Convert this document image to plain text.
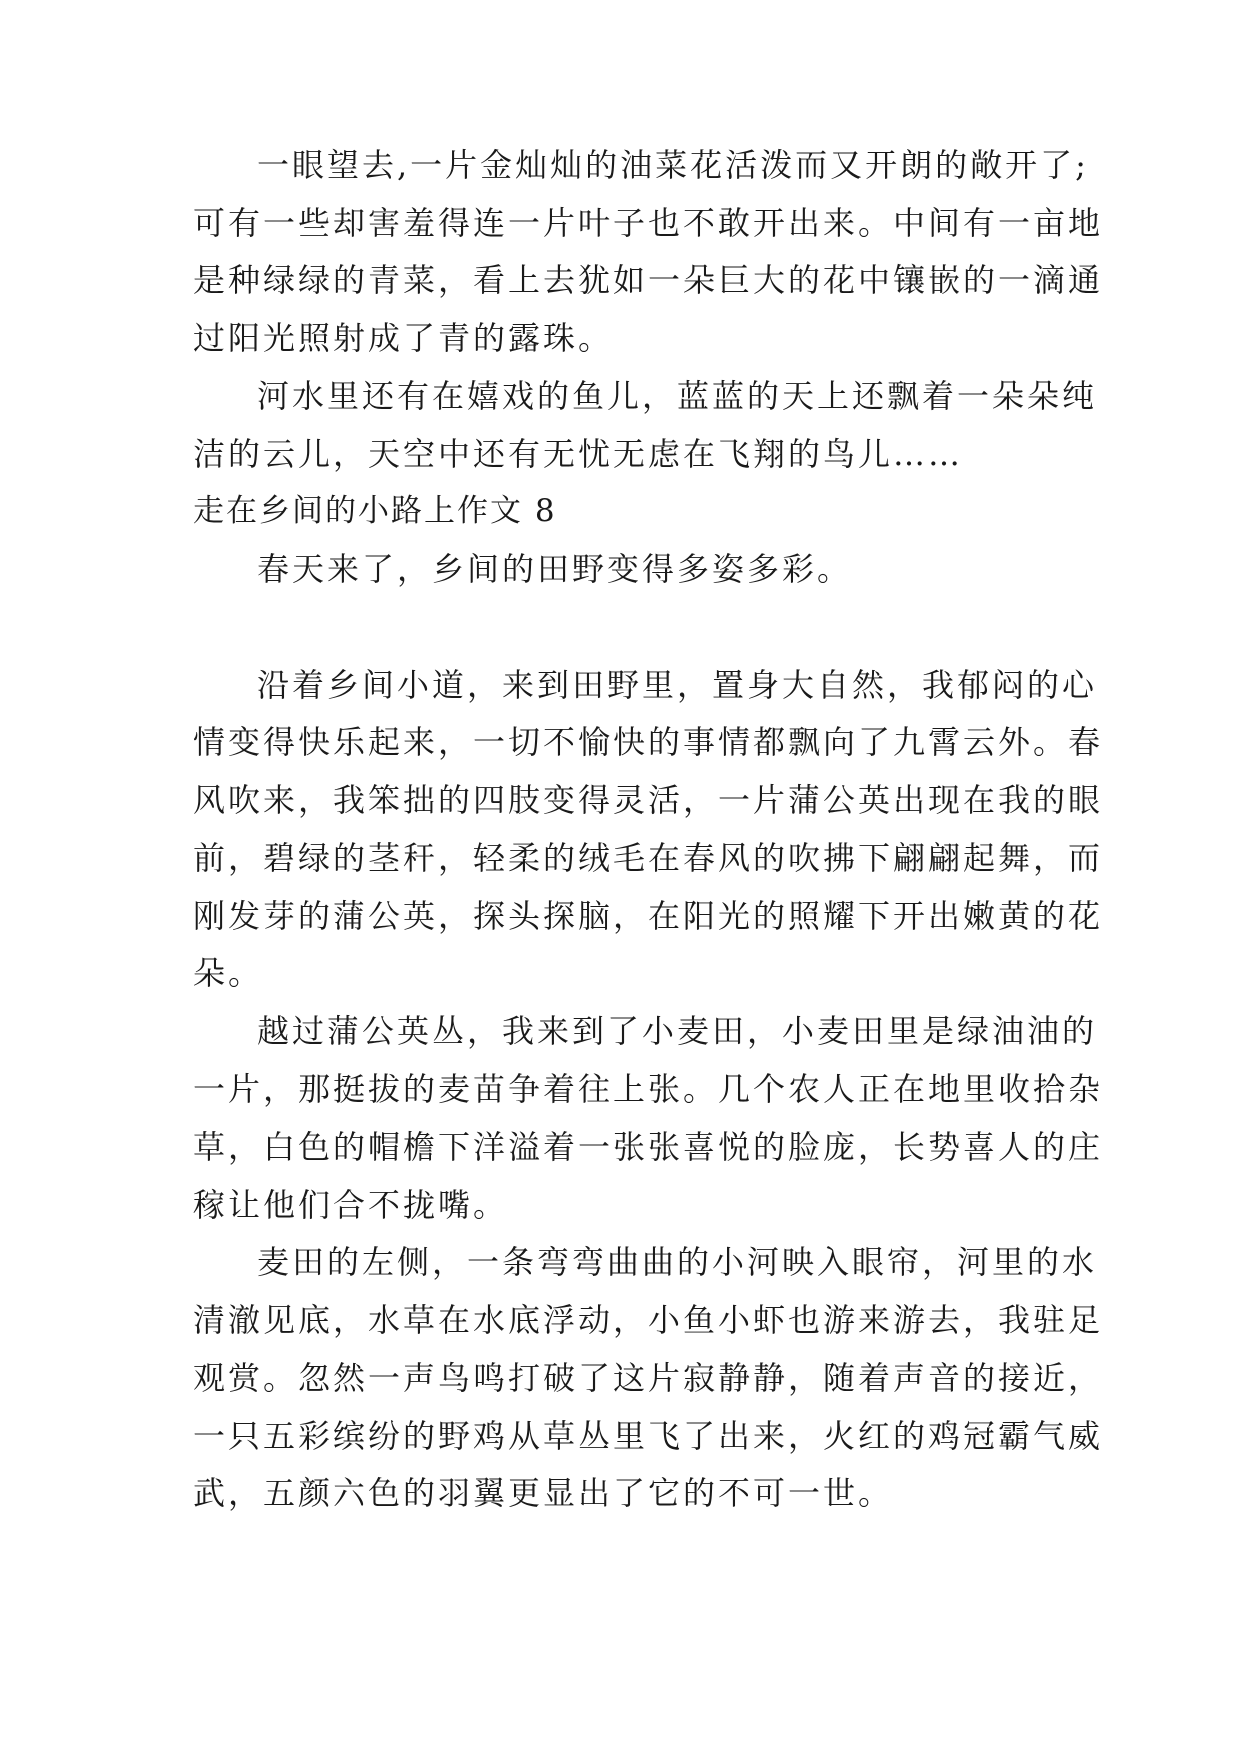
一眼望去,一片金灿灿的油菜花活泼而又开朗的敞开了;
可有一些却害羞得连一片叶子也不敢开出来。中间有一亩地
是种绿绿的青菜，看上去犹如一朵巨大的花中镶嵌的一滴通
过阳光照射成了青的露珠。
河水里还有在嬉戏的鱼儿，蓝蓝的天上还飘着一朵朵纯
洁的云儿，天空中还有无忧无虑在飞翔的鸟儿……
走在乡间的小路上作文 8
春天来了，乡间的田野变得多姿多彩。
沿着乡间小道，来到田野里，置身大自然，我郁闷的心
情变得快乐起来，一切不愉快的事情都飘向了九霄云外。春
风吹来，我笨拙的四肢变得灵活，一片蒲公英出现在我的眼
前，碧绿的茎秆，轻柔的绒毛在春风的吹拂下翩翩起舞，而
刚发芽的蒲公英，探头探脑，在阳光的照耀下开出嫩黄的花
朵。
越过蒲公英丛，我来到了小麦田，小麦田里是绿油油的
一片，那挺拔的麦苗争着往上张。几个农人正在地里收拾杂
草，白色的帽檐下洋溢着一张张喜悦的脸庞，长势喜人的庄
稼让他们合不拢嘴。
麦田的左侧，一条弯弯曲曲的小河映入眼帘，河里的水
清澈见底，水草在水底浮动，小鱼小虾也游来游去，我驻足
观赏。忽然一声鸟鸣打破了这片寂静静，随着声音的接近，
一只五彩缤纷的野鸡从草丛里飞了出来，火红的鸡冠霸气威
武，五颜六色的羽翼更显出了它的不可一世。
